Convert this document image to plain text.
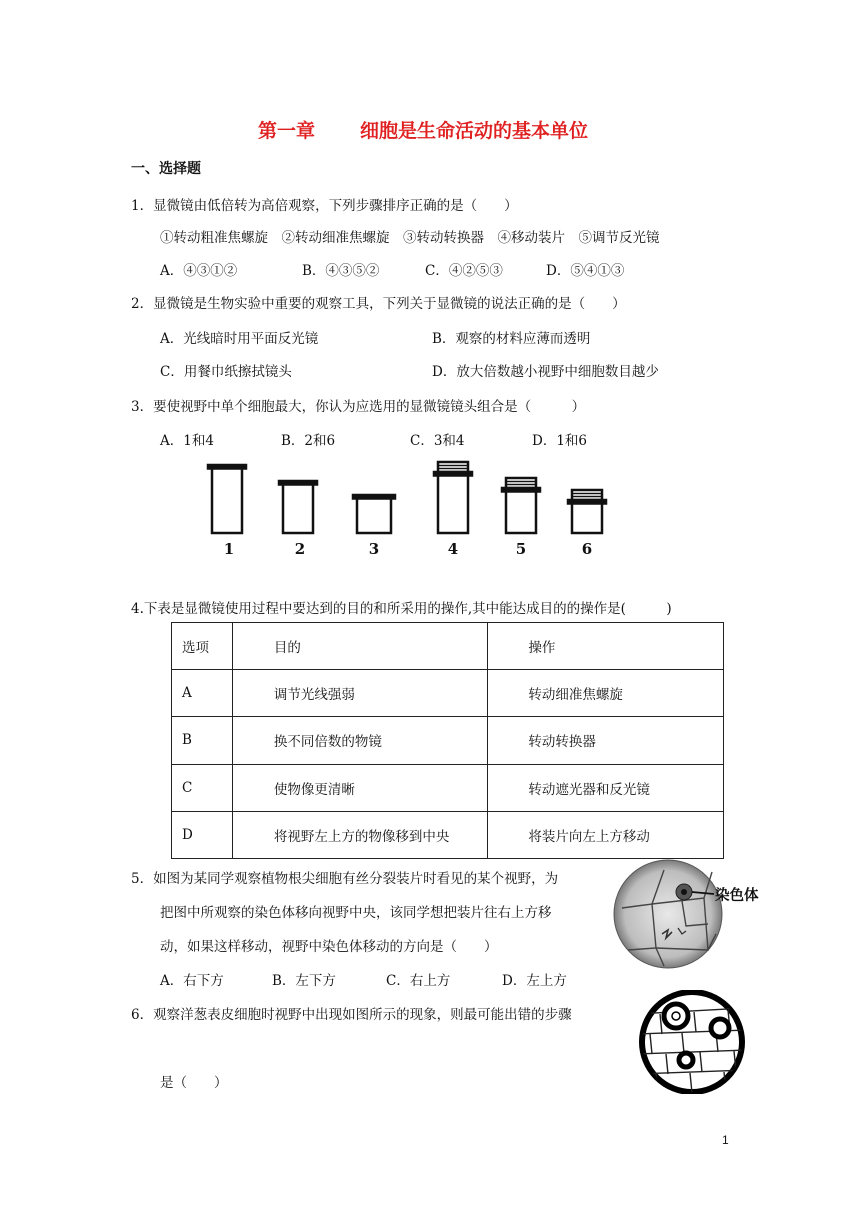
第一章 细胞是生命活动的基本单位
一、选择题
1．显微镜由低倍转为高倍观察，下列步骤排序正确的是（　　）
①转动粗准焦螺旋　②转动细准焦螺旋　③转动转换器　④移动装片　⑤调节反光镜
A．④③①②	B．④③⑤②	C．④②⑤③	D．⑤④①③
2．显微镜是生物实验中重要的观察工具，下列关于显微镜的说法正确的是（　　）
A．光线暗时用平面反光镜	B．观察的材料应薄而透明
C．用餐巾纸擦拭镜头	D．放大倍数越小视野中细胞数目越少
3．要使视野中单个细胞最大，你认为应选用的显微镜镜头组合是（　　　）
A．1和4	B．2和6	C．3和4	D．1和6
1	2	3	4	5	6
4.下表是显微镜使用过程中要达到的目的和所采用的操作,其中能达成目的的操作是(　　　)
选项	目的	操作
A	调节光线强弱	转动细准焦螺旋
B	换不同倍数的物镜	转动转换器
C	使物像更清晰	转动遮光器和反光镜
D	将视野左上方的物像移到中央	将装片向左上方移动
5．如图为某同学观察植物根尖细胞有丝分裂装片时看见的某个视野，为
把图中所观察的染色体移向视野中央，该同学想把装片往右上方移
动，如果这样移动，视野中染色体移动的方向是（　　）
A．右下方	B．左下方	C．右上方	D．左上方
染色体
6．观察洋葱表皮细胞时视野中出现如图所示的现象，则最可能出错的步骤
是（　　）
1
